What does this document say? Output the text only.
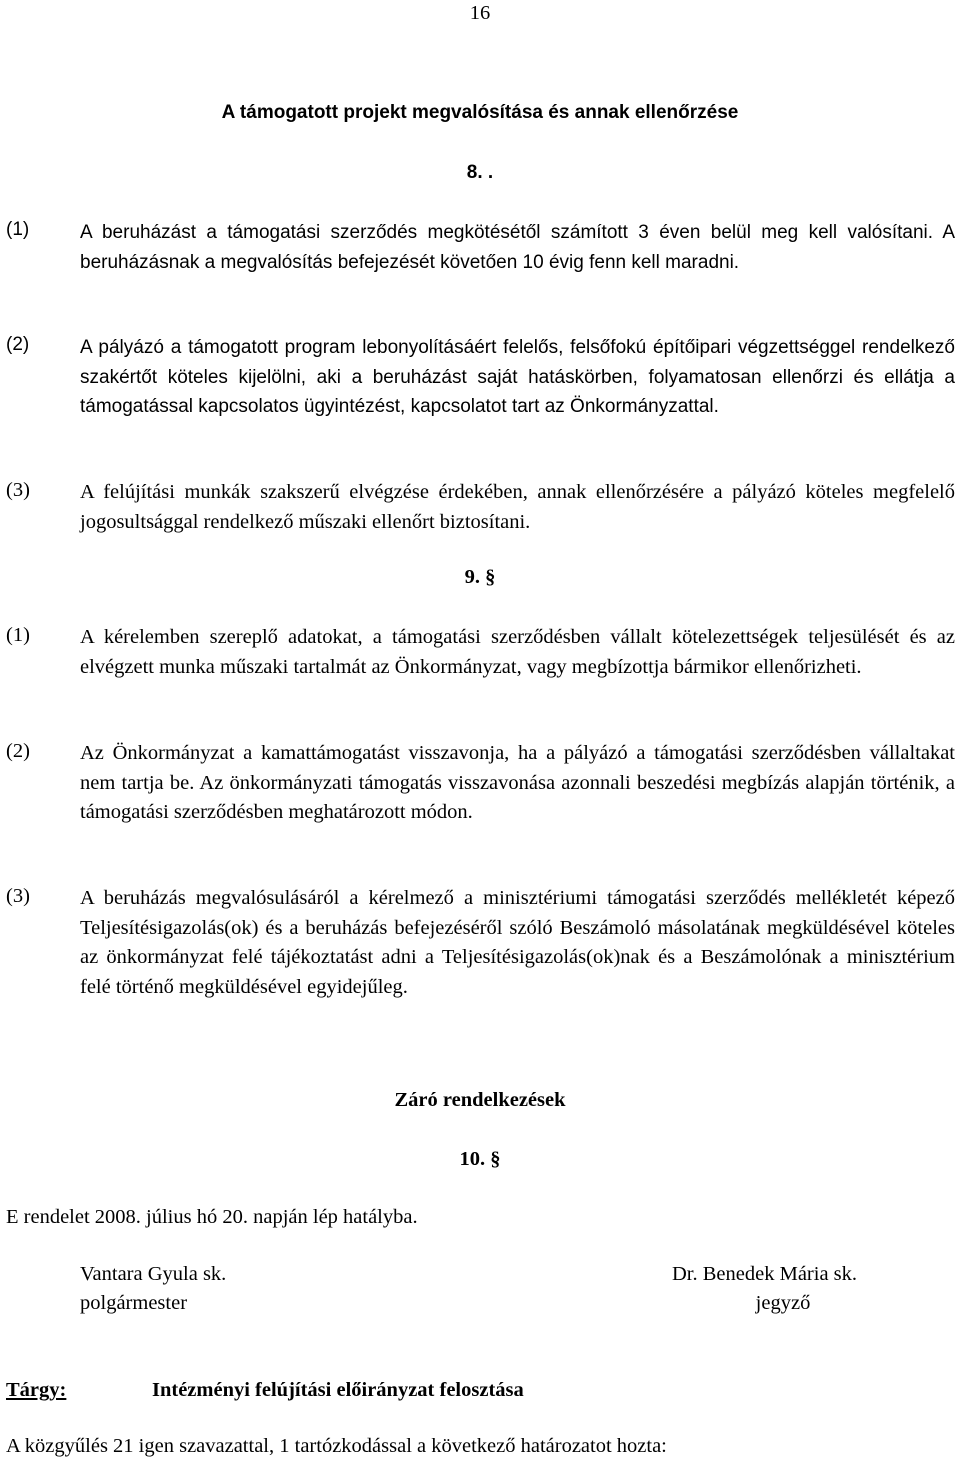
16
A támogatott projekt megvalósítása és annak ellenőrzése
8. .
(1)	A beruházást a támogatási szerződés megkötésétől számított 3 éven belül meg kell valósítani. A beruházásnak a megvalósítás befejezését követően 10 évig fenn kell maradni.
(2)	A pályázó a támogatott program lebonyolításáért felelős, felsőfokú építőipari végzettséggel rendelkező szakértőt köteles kijelölni, aki a beruházást saját hatáskörben, folyamatosan ellenőrzi és ellátja a támogatással kapcsolatos ügyintézést, kapcsolatot tart az Önkormányzattal.
(3) A felújítási munkák szakszerű elvégzése érdekében, annak ellenőrzésére a pályázó köteles megfelelő jogosultsággal rendelkező műszaki ellenőrt biztosítani.
9. §
(1) A kérelemben szereplő adatokat, a támogatási szerződésben vállalt kötelezettségek teljesülését és az elvégzett munka műszaki tartalmát az Önkormányzat, vagy megbízottja bármikor ellenőrizheti.
(2) Az Önkormányzat a kamattámogatást visszavonja, ha a pályázó a támogatási szerződésben vállaltakat nem tartja be. Az önkormányzati támogatás visszavonása azonnali beszedési megbízás alapján történik, a támogatási szerződésben meghatározott módon.
(3) A beruházás megvalósulásáról a kérelmező a minisztériumi támogatási szerződés mellékletét képező Teljesítésigazolás(ok) és a beruházás befejezéséről szóló Beszámoló másolatának megküldésével köteles az önkormányzat felé tájékoztatást adni a Teljesítésigazolás(ok)nak és a Beszámolónak a minisztérium felé történő megküldésével egyidejűleg.
Záró rendelkezések
10. §
E rendelet 2008. július hó 20. napján lép hatályba.
Vantara Gyula sk.
polgármester
Dr. Benedek Mária sk.
jegyző
Tárgy:	Intézményi felújítási előirányzat felosztása
A közgyűlés 21 igen szavazattal, 1 tartózkodással a következő határozatot hozta:
